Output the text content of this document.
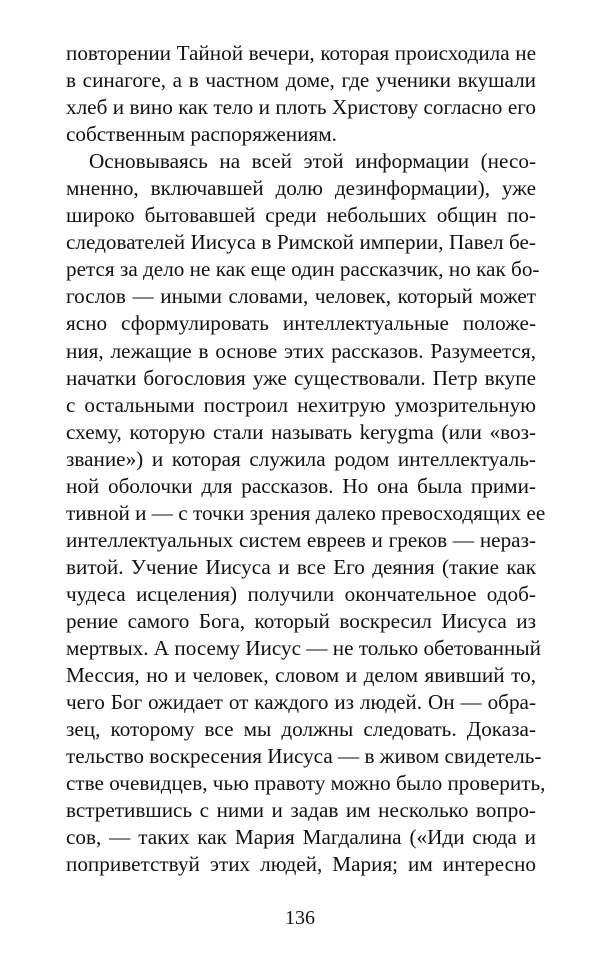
повторении Тайной вечери, которая происходила не
в синагоге, а в частном доме, где ученики вкушали
хлеб и вино как тело и плоть Христову согласно его
собственным распоряжениям.
Основываясь на всей этой информации (несо-
мненно, включавшей долю дезинформации), уже
широко бытовавшей среди небольших общин по-
следователей Иисуса в Римской империи, Павел бе-
рется за дело не как еще один рассказчик, но как бо-
гослов — иными словами, человек, который может
ясно сформулировать интеллектуальные положе-
ния, лежащие в основе этих рассказов. Разумеется,
начатки богословия уже существовали. Петр вкупе
с остальными построил нехитрую умозрительную
схему, которую стали называть kerygma (или «воз-
звание») и которая служила родом интеллектуаль-
ной оболочки для рассказов. Но она была прими-
тивной и — с точки зрения далеко превосходящих ее
интеллектуальных систем евреев и греков — нераз-
витой. Учение Иисуса и все Его деяния (такие как
чудеса исцеления) получили окончательное одоб-
рение самого Бога, который воскресил Иисуса из
мертвых. А посему Иисус — не только обетованный
Мессия, но и человек, словом и делом явивший то,
чего Бог ожидает от каждого из людей. Он — обра-
зец, которому все мы должны следовать. Доказа-
тельство воскресения Иисуса — в живом свидетель-
стве очевидцев, чью правоту можно было проверить,
встретившись с ними и задав им несколько вопро-
сов, — таких как Мария Магдалина («Иди сюда и
поприветствуй этих людей, Мария; им интересно
136
